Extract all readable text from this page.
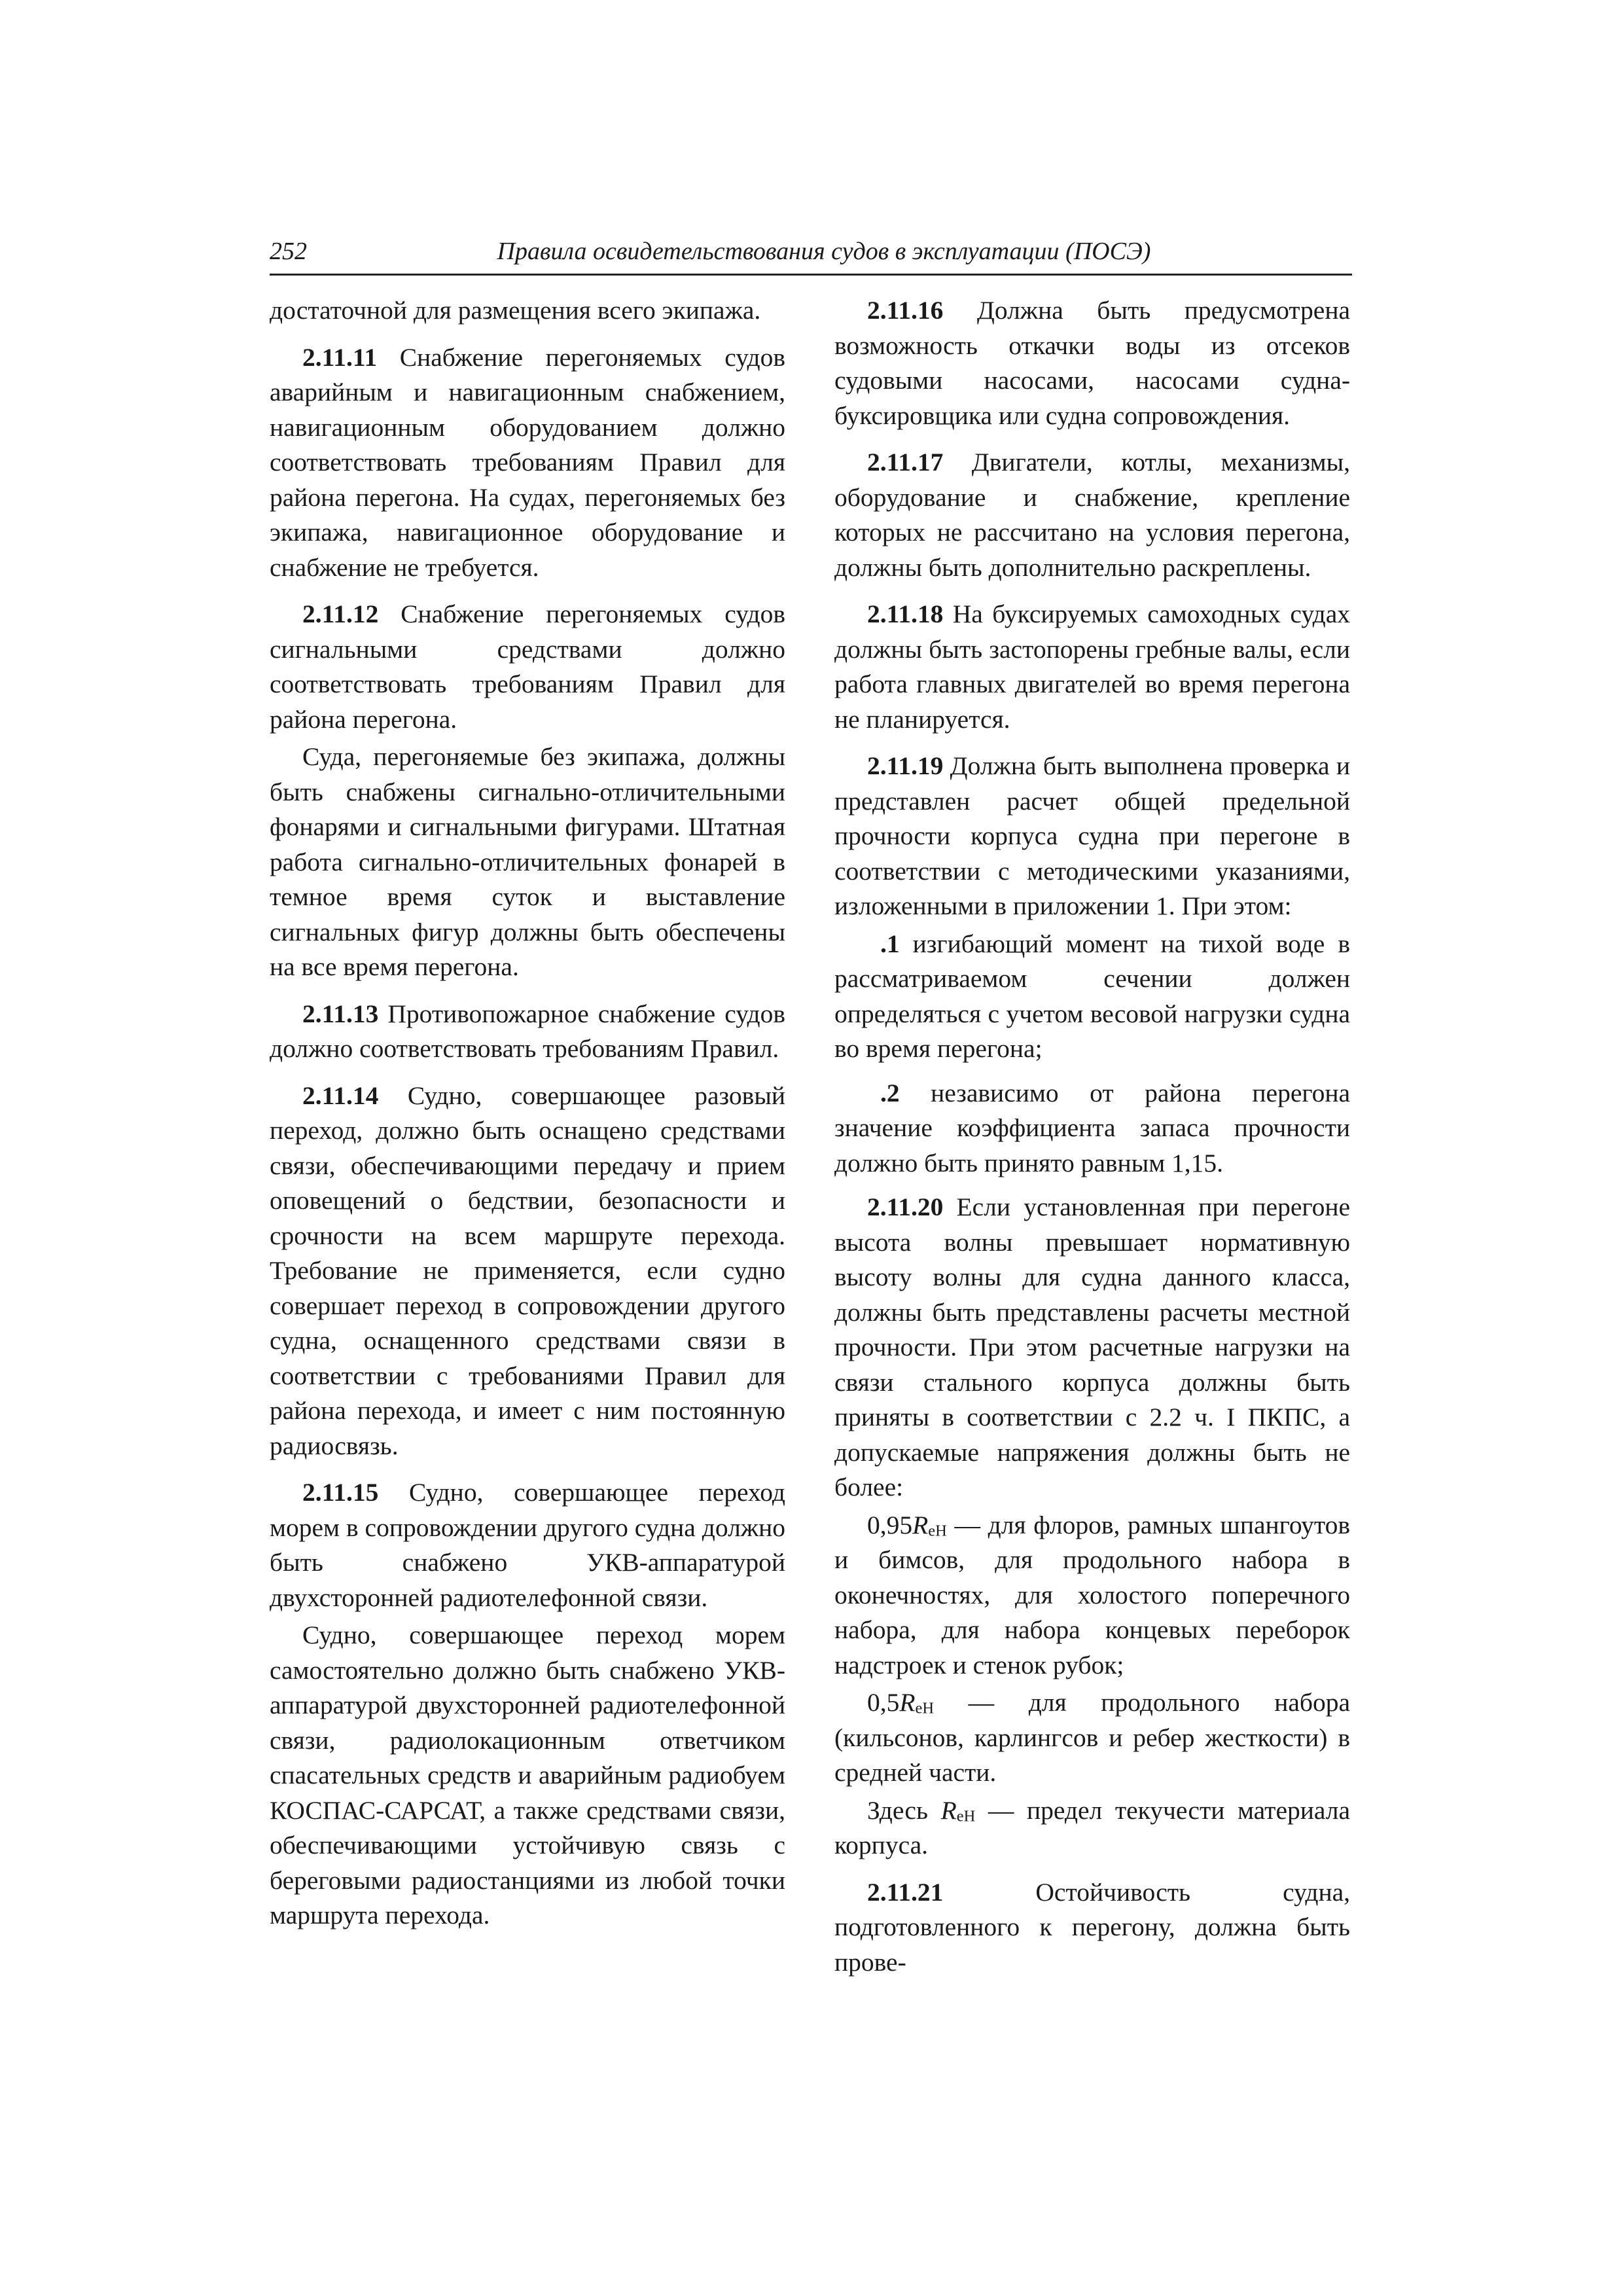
252	Правила освидетельствования судов в эксплуатации (ПОСЭ)

достаточной для размещения всего экипажа.

2.11.11 Снабжение перегоняемых судов аварийным и навигационным снабжением, навигационным оборудованием должно соответствовать требованиям Правил для района перегона. На судах, перегоняемых без экипажа, навигационное оборудование и снабжение не требуется.

2.11.12 Снабжение перегоняемых судов сигнальными средствами должно соответствовать требованиям Правил для района перегона.

Суда, перегоняемые без экипажа, должны быть снабжены сигнально-отличительными фонарями и сигнальными фигурами. Штатная работа сигнально-отличительных фонарей в темное время суток и выставление сигнальных фигур должны быть обеспечены на все время перегона.

2.11.13 Противопожарное снабжение судов должно соответствовать требованиям Правил.

2.11.14 Судно, совершающее разовый переход, должно быть оснащено средствами связи, обеспечивающими передачу и прием оповещений о бедствии, безопасности и срочности на всем маршруте перехода. Требование не применяется, если судно совершает переход в сопровождении другого судна, оснащенного средствами связи в соответствии с требованиями Правил для района перехода, и имеет с ним постоянную радиосвязь.

2.11.15 Судно, совершающее переход морем в сопровождении другого судна должно быть снабжено УКВ-аппаратурой двухсторонней радиотелефонной связи.

Судно, совершающее переход морем самостоятельно должно быть снабжено УКВ-аппаратурой двухсторонней радиотелефонной связи, радиолокационным ответчиком спасательных средств и аварийным радиобуем КОСПАС-САРСАТ, а также средствами связи, обеспечивающими устойчивую связь с береговыми радиостанциями из любой точки маршрута перехода.

2.11.16 Должна быть предусмотрена возможность откачки воды из отсеков судовыми насосами, насосами судна-буксировщика или судна сопровождения.

2.11.17 Двигатели, котлы, механизмы, оборудование и снабжение, крепление которых не рассчитано на условия перегона, должны быть дополнительно раскреплены.

2.11.18 На буксируемых самоходных судах должны быть застопорены гребные валы, если работа главных двигателей во время перегона не планируется.

2.11.19 Должна быть выполнена проверка и представлен расчет общей предельной прочности корпуса судна при перегоне в соответствии с методическими указаниями, изложенными в приложении 1. При этом:

.1 изгибающий момент на тихой воде в рассматриваемом сечении должен определяться с учетом весовой нагрузки судна во время перегона;

.2 независимо от района перегона значение коэффициента запаса прочности должно быть принято равным 1,15.

2.11.20 Если установленная при перегоне высота волны превышает нормативную высоту волны для судна данного класса, должны быть представлены расчеты местной прочности. При этом расчетные нагрузки на связи стального корпуса должны быть приняты в соответствии с 2.2 ч. I ПКПС, а допускаемые напряжения должны быть не более:

$0,95R_{eH}$ — для флоров, рамных шпангоутов и бимсов, для продольного набора в оконечностях, для холостого поперечного набора, для набора концевых переборок надстроек и стенок рубок;

$0,5R_{eH}$ — для продольного набора (кильсонов, карлингсов и ребер жесткости) в средней части.

Здесь $R_{eH}$ — предел текучести материала корпуса.

2.11.21 Остойчивость судна, подготовленного к перегону, должна быть прове-
